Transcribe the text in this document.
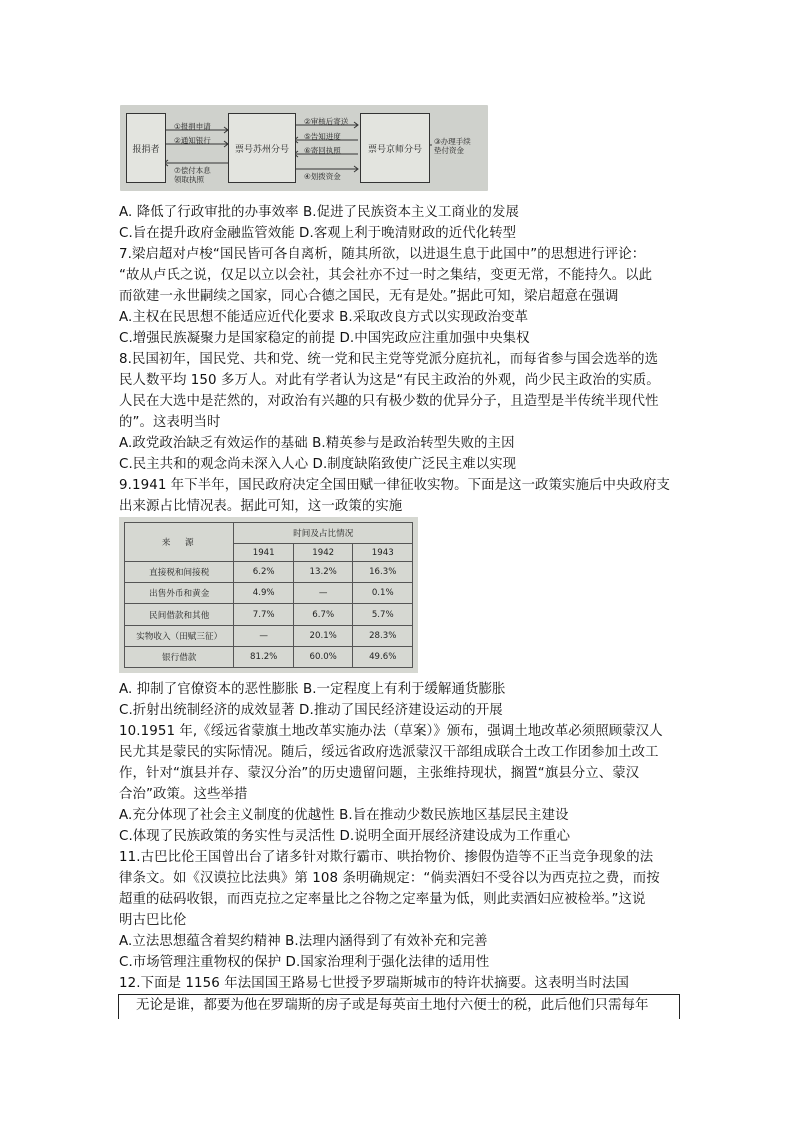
报捐者	票号苏州分号	票号京师分号
①报捐申请
②通知银行
⑦偿付本息
领取执照
②审核后寄送
⑤告知进度
⑥寄回执照
④划拨资金
③办理手续
垫付资金
A. 降低了行政审批的办事效率 B.促进了民族资本主义工商业的发展
C.旨在提升政府金融监管效能 D.客观上利于晚清财政的近代化转型
7.梁启超对卢梭“国民皆可各自离析，随其所欲，以进退生息于此国中”的思想进行评论：
“故从卢氏之说，仅足以立以会社，其会社亦不过一时之集结，变更无常，不能持久。以此
而欲建一永世嗣续之国家，同心合德之国民，无有是处。”据此可知，梁启超意在强调
A.主权在民思想不能适应近代化要求 B.采取改良方式以实现政治变革
C.增强民族凝聚力是国家稳定的前提 D.中国宪政应注重加强中央集权
8.民国初年，国民党、共和党、统一党和民主党等党派分庭抗礼，而每省参与国会选举的选
民人数平均 150 多万人。对此有学者认为这是“有民主政治的外观，尚少民主政治的实质。
人民在大选中是茫然的，对政治有兴趣的只有极少数的优异分子，且造型是半传统半现代性
的”。这表明当时
A.政党政治缺乏有效运作的基础 B.精英参与是政治转型失败的主因
C.民主共和的观念尚未深入人心 D.制度缺陷致使广泛民主难以实现
9.1941 年下半年，国民政府决定全国田赋一律征收实物。下面是这一政策实施后中央政府支
出来源占比情况表。据此可知，这一政策的实施
来　源	时间及占比情况		
	1941	1942	1943
直接税和间接税	6.2%	13.2%	16.3%
出售外币和黄金	4.9%	—	0.1%
民间借款和其他	7.7%	6.7%	5.7%
实物收入（田赋三征）	—	20.1%	28.3%
银行借款	81.2%	60.0%	49.6%
A. 抑制了官僚资本的恶性膨胀 B.一定程度上有利于缓解通货膨胀
C.折射出统制经济的成效显著 D.推动了国民经济建设运动的开展
10.1951 年,《绥远省蒙旗土地改革实施办法（草案）》颁布，强调土地改革必须照顾蒙汉人
民尤其是蒙民的实际情况。随后，绥远省政府选派蒙汉干部组成联合土改工作团参加土改工
作，针对“旗县并存、蒙汉分治”的历史遗留问题，主张维持现状，搁置“旗县分立、蒙汉
合治”政策。这些举措
A.充分体现了社会主义制度的优越性 B.旨在推动少数民族地区基层民主建设
C.体现了民族政策的务实性与灵活性 D.说明全面开展经济建设成为工作重心
11.古巴比伦王国曾出台了诸多针对欺行霸市、哄抬物价、掺假伪造等不正当竞争现象的法
律条文。如《汉谟拉比法典》第 108 条明确规定：“倘卖酒妇不受谷以为西克拉之费，而按
超重的砝码收银，而西克拉之定率量比之谷物之定率量为低，则此卖酒妇应被检举。”这说
明古巴比伦
A.立法思想蕴含着契约精神 B.法理内涵得到了有效补充和完善
C.市场管理注重物权的保护 D.国家治理利于强化法律的适用性
12.下面是 1156 年法国国王路易七世授予罗瑞斯城市的特许状摘要。这表明当时法国
无论是谁，都要为他在罗瑞斯的房子或是每英亩土地付六便士的税，此后他们只需每年
